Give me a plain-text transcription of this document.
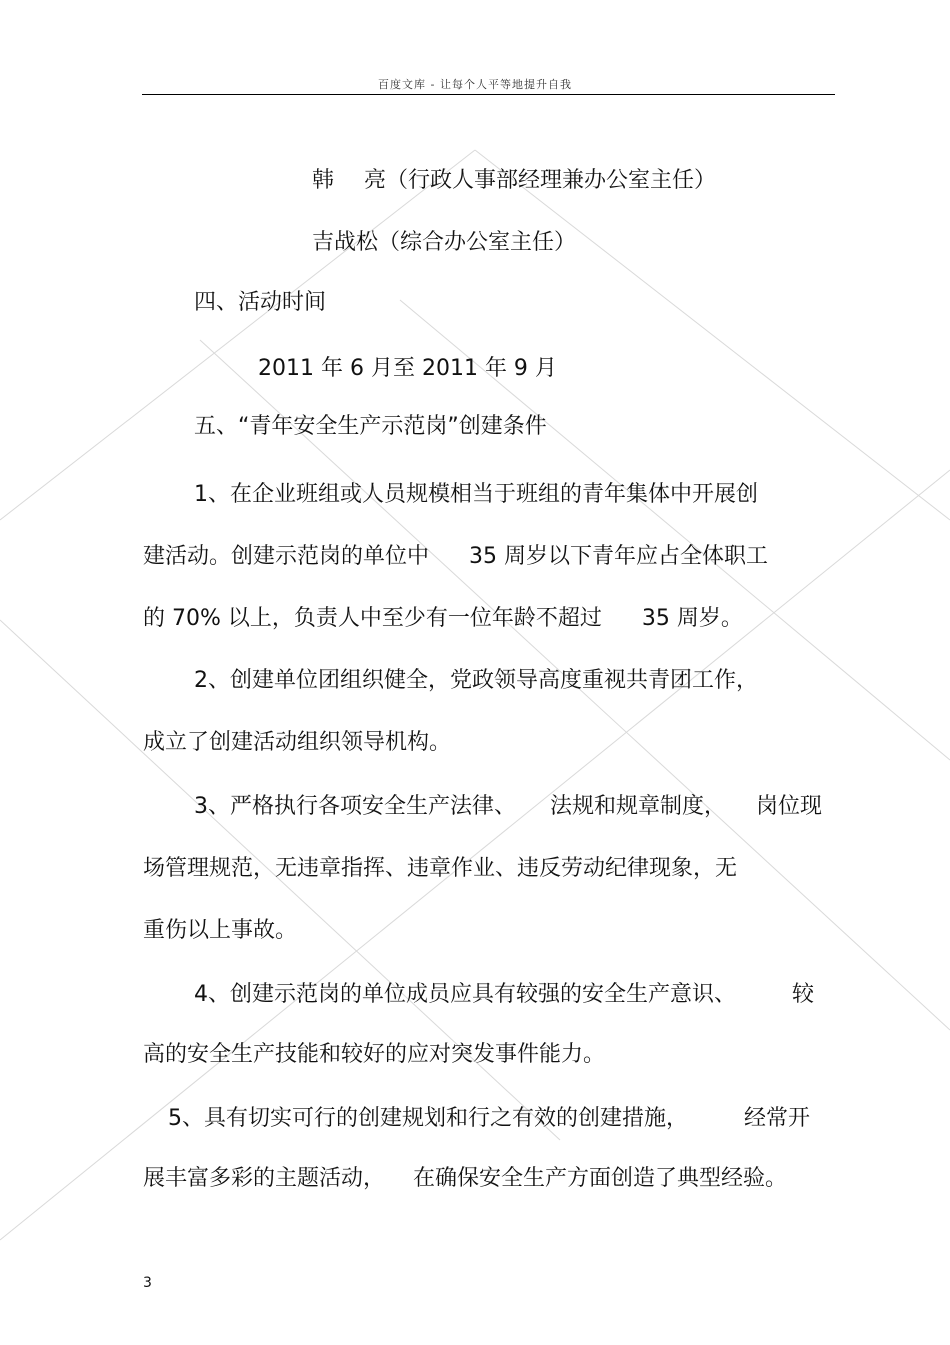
百度文库 - 让每个人平等地提升自我
韩 亮（行政人事部经理兼办公室主任）
吉战松（综合办公室主任）
四、活动时间
2011 年 6 月至 2011 年 9 月
五、“青年安全生产示范岗”创建条件
1、在企业班组或人员规模相当于班组的青年集体中开展创
建活动。创建示范岗的单位中 35 周岁以下青年应占全体职工
的 70% 以上，负责人中至少有一位年龄不超过 35 周岁。
2、创建单位团组织健全，党政领导高度重视共青团工作，
成立了创建活动组织领导机构。
3、严格执行各项安全生产法律、 法规和规章制度， 岗位现
场管理规范，无违章指挥、违章作业、违反劳动纪律现象，无
重伤以上事故。
4、创建示范岗的单位成员应具有较强的安全生产意识、	较
高的安全生产技能和较好的应对突发事件能力。
5、具有切实可行的创建规划和行之有效的创建措施，	经常开
展丰富多彩的主题活动， 在确保安全生产方面创造了典型经验。
3
